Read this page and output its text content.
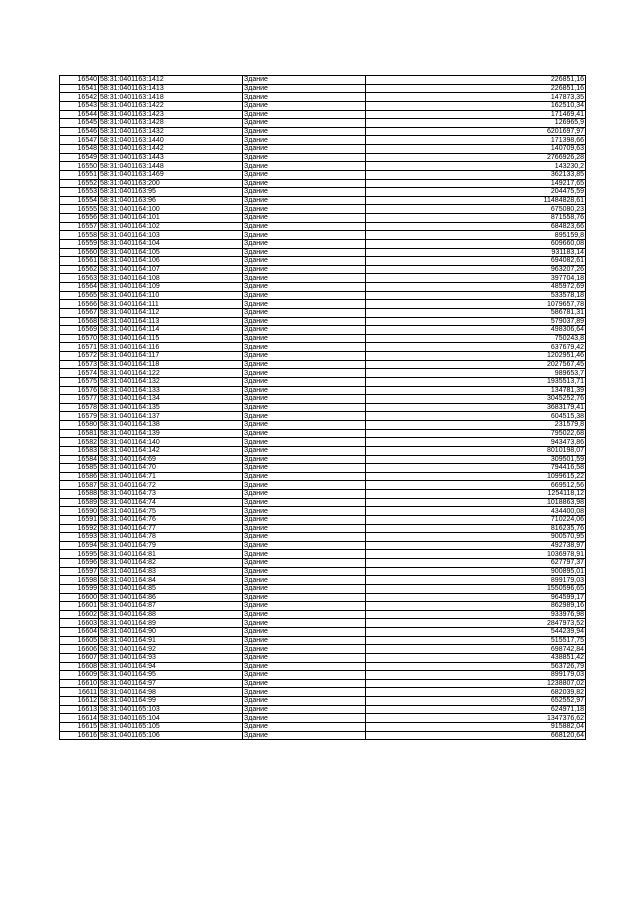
16540	58:31:0401163:1412	Здание	226851,16
16541	58:31:0401163:1413	Здание	226851,16
16542	58:31:0401163:1418	Здание	147873,35
16543	58:31:0401163:1422	Здание	162510,34
16544	58:31:0401163:1423	Здание	171469,41
16545	58:31:0401163:1428	Здание	126965,9
16546	58:31:0401163:1432	Здание	6201697,97
16547	58:31:0401163:1440	Здание	171398,66
16548	58:31:0401163:1442	Здание	140709,63
16549	58:31:0401163:1443	Здание	2766926,28
16550	58:31:0401163:1448	Здание	143230,2
16551	58:31:0401163:1469	Здание	362133,85
16552	58:31:0401163:200	Здание	149217,65
16553	58:31:0401163:95	Здание	204475,59
16554	58:31:0401163:96	Здание	11484828,61
16555	58:31:0401164:100	Здание	675080,23
16556	58:31:0401164:101	Здание	871558,76
16557	58:31:0401164:102	Здание	684823,66
16558	58:31:0401164:103	Здание	895159,8
16559	58:31:0401164:104	Здание	609660,08
16560	58:31:0401164:105	Здание	931183,14
16561	58:31:0401164:106	Здание	694082,61
16562	58:31:0401164:107	Здание	963207,26
16563	58:31:0401164:108	Здание	397704,18
16564	58:31:0401164:109	Здание	485972,69
16565	58:31:0401164:110	Здание	533578,18
16566	58:31:0401164:111	Здание	1079657,78
16567	58:31:0401164:112	Здание	586781,31
16568	58:31:0401164:113	Здание	579037,89
16569	58:31:0401164:114	Здание	498306,64
16570	58:31:0401164:115	Здание	750243,8
16571	58:31:0401164:116	Здание	637679,42
16572	58:31:0401164:117	Здание	1202951,46
16573	58:31:0401164:118	Здание	2027567,45
16574	58:31:0401164:122	Здание	989653,7
16575	58:31:0401164:132	Здание	1935513,71
16576	58:31:0401164:133	Здание	134781,39
16577	58:31:0401164:134	Здание	3045252,76
16578	58:31:0401164:135	Здание	3683179,41
16579	58:31:0401164:137	Здание	604515,38
16580	58:31:0401164:138	Здание	231579,8
16581	58:31:0401164:139	Здание	795022,68
16582	58:31:0401164:140	Здание	943473,86
16583	58:31:0401164:142	Здание	8010198,07
16584	58:31:0401164:69	Здание	309501,59
16585	58:31:0401164:70	Здание	794416,58
16586	58:31:0401164:71	Здание	1099615,22
16587	58:31:0401164:72	Здание	669512,56
16588	58:31:0401164:73	Здание	1254118,12
16589	58:31:0401164:74	Здание	1018863,98
16590	58:31:0401164:75	Здание	434400,08
16591	58:31:0401164:76	Здание	710224,06
16592	58:31:0401164:77	Здание	816235,76
16593	58:31:0401164:78	Здание	900570,95
16594	58:31:0401164:79	Здание	492738,97
16595	58:31:0401164:81	Здание	1036978,91
16596	58:31:0401164:82	Здание	627797,37
16597	58:31:0401164:83	Здание	900895,01
16598	58:31:0401164:84	Здание	899179,03
16599	58:31:0401164:85	Здание	1550596,65
16600	58:31:0401164:86	Здание	964599,17
16601	58:31:0401164:87	Здание	862989,16
16602	58:31:0401164:88	Здание	933976,98
16603	58:31:0401164:89	Здание	2847973,52
16604	58:31:0401164:90	Здание	544239,94
16605	58:31:0401164:91	Здание	515517,75
16606	58:31:0401164:92	Здание	698742,84
16607	58:31:0401164:93	Здание	438851,42
16608	58:31:0401164:94	Здание	563726,79
16609	58:31:0401164:95	Здание	899179,03
16610	58:31:0401164:97	Здание	1238807,02
16611	58:31:0401164:98	Здание	682039,82
16612	58:31:0401164:99	Здание	652552,97
16613	58:31:0401165:103	Здание	624971,18
16614	58:31:0401165:104	Здание	1347376,62
16615	58:31:0401165:105	Здание	915882,04
16616	58:31:0401165:106	Здание	668120,64
